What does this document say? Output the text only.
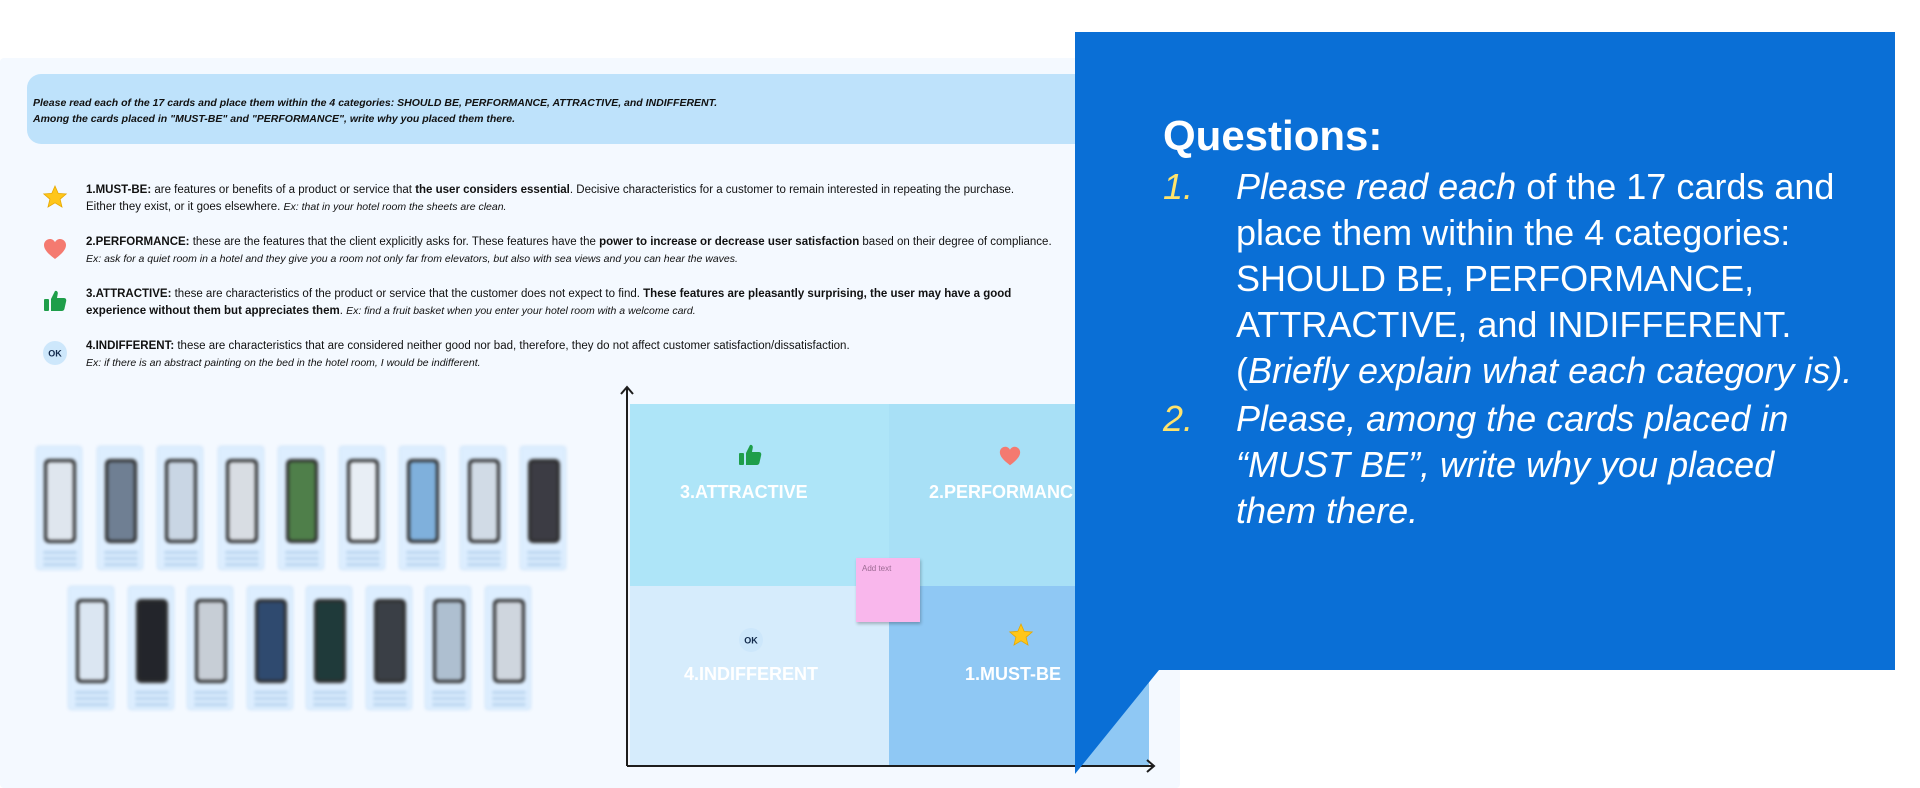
Please read each of the 17 cards and place them within the 4 categories: SHOULD BE, PERFORMANCE, ATTRACTIVE, and INDIFFERENT.

Among the cards placed in "MUST-BE" and "PERFORMANCE", write why you placed them there.

1.MUST-BE: are features or benefits of a product or service that the user considers essential. Decisive characteristics for a customer to remain interested in repeating the purchase.

Either they exist, or it goes elsewhere. Ex: that in your hotel room the sheets are clean.

2.PERFORMANCE: these are the features that the client explicitly asks for. These features have the power to increase or decrease user satisfaction based on their degree of compliance.

Ex: ask for a quiet room in a hotel and they give you a room not only far from elevators, but also with sea views and you can hear the waves.

3.ATTRACTIVE: these are characteristics of the product or service that the customer does not expect to find. These features are pleasantly surprising, the user may have a good

experience without them but appreciates them. Ex: find a fruit basket when you enter your hotel room with a welcome card.

OK

4.INDIFFERENT: these are characteristics that are considered neither good nor bad, therefore, they do not affect customer satisfaction/dissatisfaction.

Ex: if there is an abstract painting on the bed in the hotel room, I would be indifferent.

3.ATTRACTIVE	2.PERFORMANC
OK
4.INDIFFERENT	1.MUST-BE
Add text
Questions:
1. Please read each of the 17 cards and place them within the 4 categories: SHOULD BE, PERFORMANCE, ATTRACTIVE, and INDIFFERENT. (Briefly explain what each category is).
2. Please, among the cards placed in “MUST BE”, write why you placed them there.
